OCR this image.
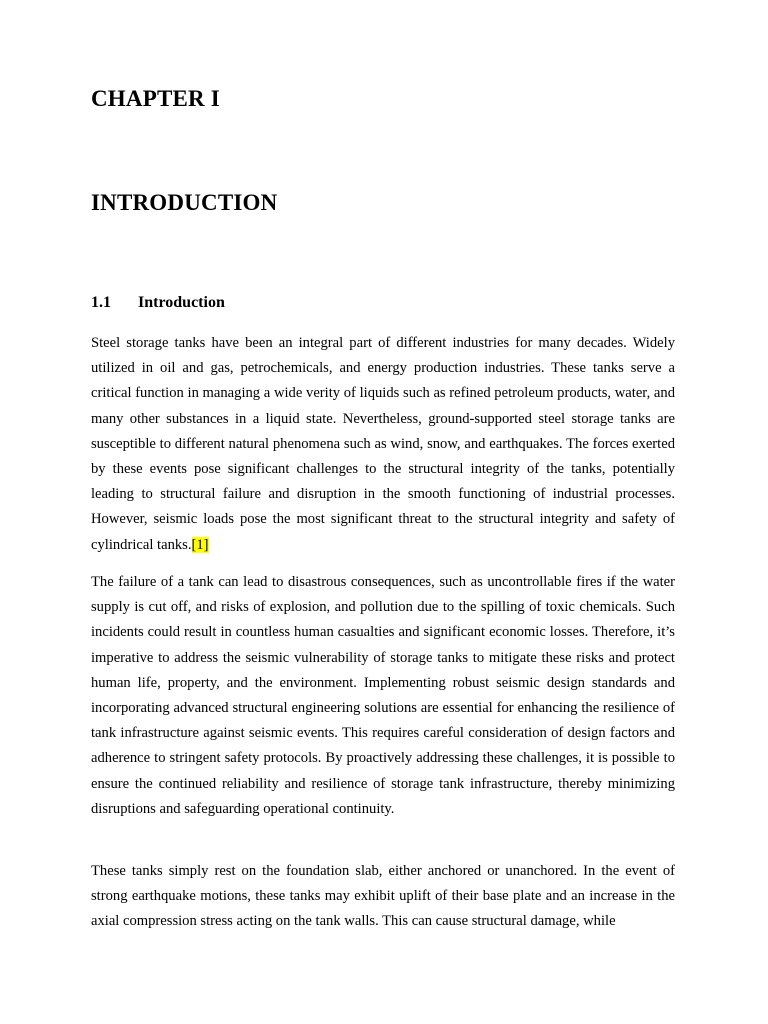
CHAPTER I
INTRODUCTION
1.1 Introduction

Steel storage tanks have been an integral part of different industries for many decades. Widely utilized in oil and gas, petrochemicals, and energy production industries. These tanks serve a critical function in managing a wide verity of liquids such as refined petroleum products, water, and many other substances in a liquid state. Nevertheless, ground-supported steel storage tanks are susceptible to different natural phenomena such as wind, snow, and earthquakes. The forces exerted by these events pose significant challenges to the structural integrity of the tanks, potentially leading to structural failure and disruption in the smooth functioning of industrial processes. However, seismic loads pose the most significant threat to the structural integrity and safety of cylindrical tanks.[1]

The failure of a tank can lead to disastrous consequences, such as uncontrollable fires if the water supply is cut off, and risks of explosion, and pollution due to the spilling of toxic chemicals. Such incidents could result in countless human casualties and significant economic losses. Therefore, it’s imperative to address the seismic vulnerability of storage tanks to mitigate these risks and protect human life, property, and the environment. Implementing robust seismic design standards and incorporating advanced structural engineering solutions are essential for enhancing the resilience of tank infrastructure against seismic events. This requires careful consideration of design factors and adherence to stringent safety protocols. By proactively addressing these challenges, it is possible to ensure the continued reliability and resilience of storage tank infrastructure, thereby minimizing disruptions and safeguarding operational continuity.

These tanks simply rest on the foundation slab, either anchored or unanchored. In the event of strong earthquake motions, these tanks may exhibit uplift of their base plate and an increase in the axial compression stress acting on the tank walls. This can cause structural damage, while
